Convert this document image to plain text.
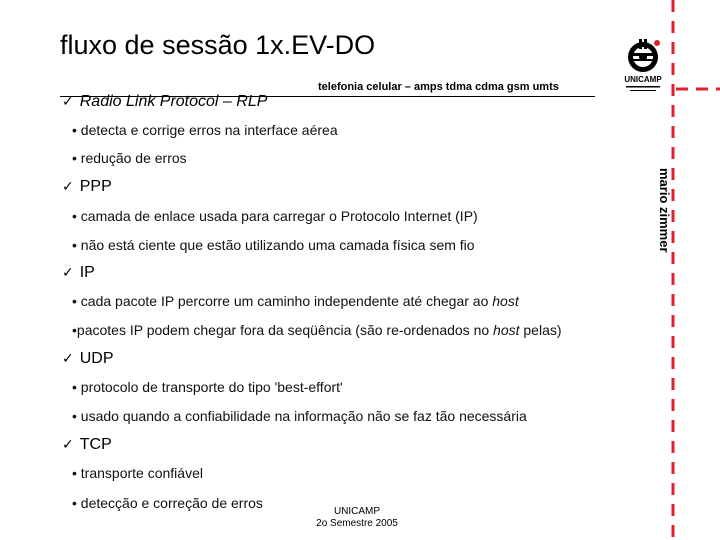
fluxo de sessão 1x.EV-DO
telefonia celular – amps tdma cdma gsm umts
UNICAMP
mario zimmer
✓ Radio Link Protocol – RLP
• detecta e corrige erros na interface aérea
• redução de erros
✓ PPP
• camada de enlace usada para carregar o Protocolo Internet (IP)
• não está ciente que estão utilizando uma camada física sem fio
✓ IP
• cada pacote IP percorre um caminho independente até chegar ao host
•pacotes IP podem chegar fora da seqüência (são re-ordenados no host pelas)
✓ UDP
• protocolo de transporte do tipo 'best-effort'
• usado quando a confiabilidade na informação não se faz tão necessária
✓ TCP
• transporte confiável
• detecção e correção de erros
UNICAMP
2o Semestre 2005
